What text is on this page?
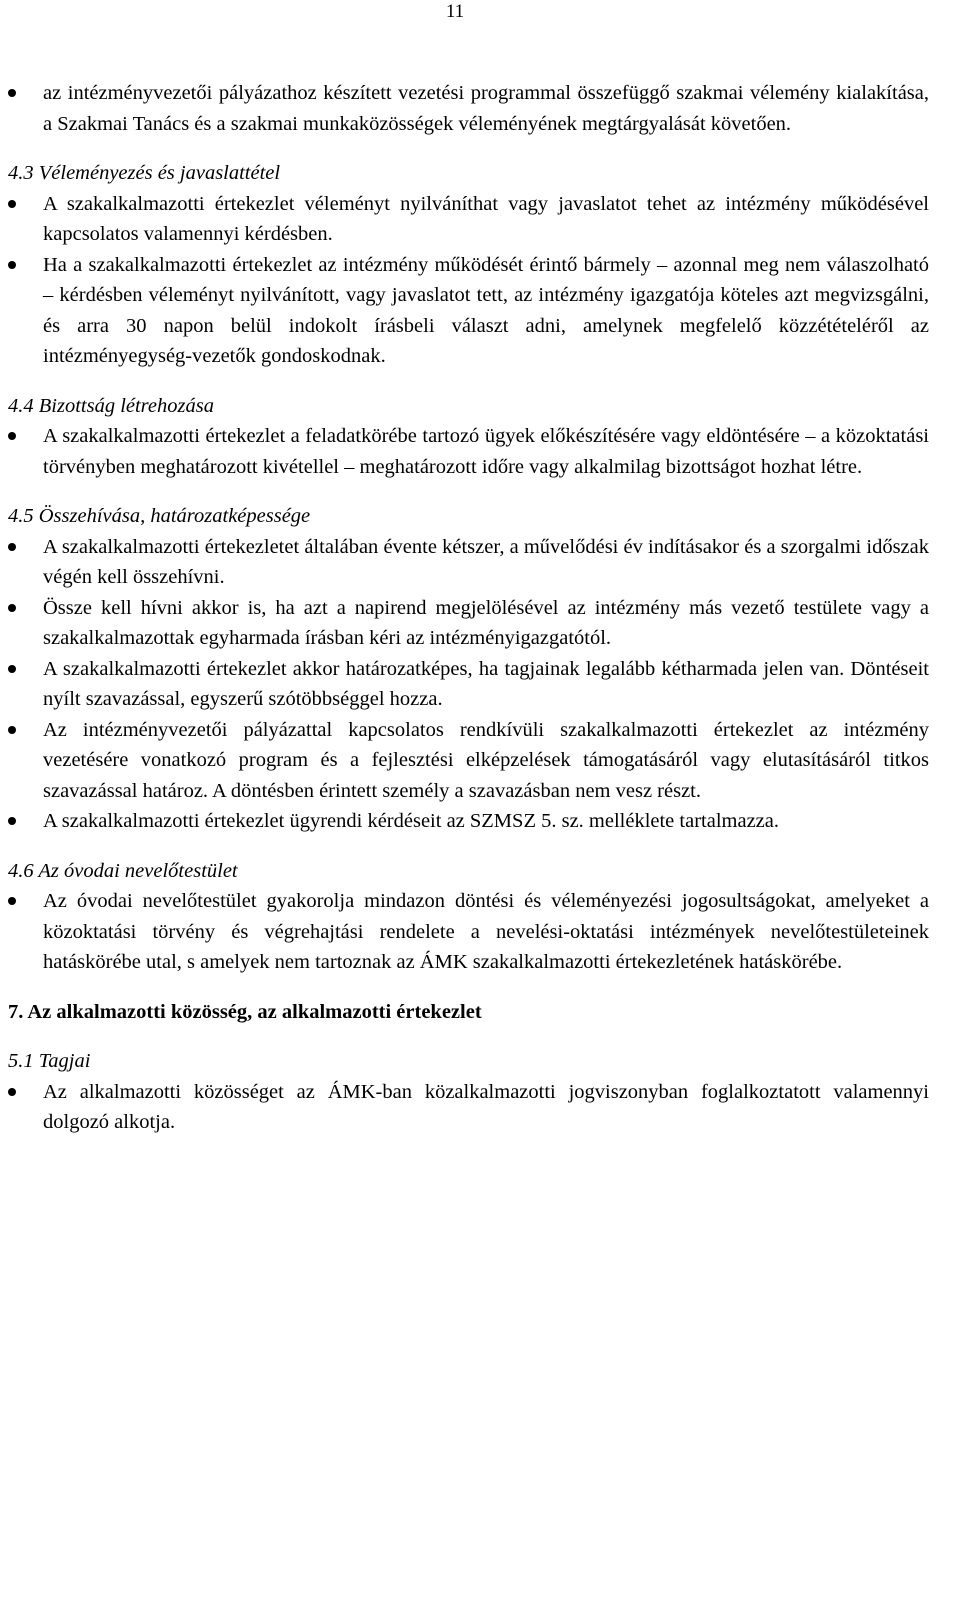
11
az intézményvezetői pályázathoz készített vezetési programmal összefüggő szakmai vélemény kialakítása, a Szakmai Tanács és a szakmai munkaközösségek véleményének megtárgyalását követően.

4.3 Véleményezés és javaslattétel

A szakalkalmazotti értekezlet véleményt nyilváníthat vagy javaslatot tehet az intézmény működésével kapcsolatos valamennyi kérdésben.
Ha a szakalkalmazotti értekezlet az intézmény működését érintő bármely – azonnal meg nem válaszolható – kérdésben véleményt nyilvánított, vagy javaslatot tett, az intézmény igazgatója köteles azt megvizsgálni, és arra 30 napon belül indokolt írásbeli választ adni, amelynek megfelelő közzétételéről az intézményegység-vezetők gondoskodnak.

4.4 Bizottság létrehozása

A szakalkalmazotti értekezlet a feladatkörébe tartozó ügyek előkészítésére vagy eldöntésére – a közoktatási törvényben meghatározott kivétellel – meghatározott időre vagy alkalmilag bizottságot hozhat létre.

4.5 Összehívása, határozatképessége

A szakalkalmazotti értekezletet általában évente kétszer, a művelődési év indításakor és a szorgalmi időszak végén kell összehívni.
Össze kell hívni akkor is, ha azt a napirend megjelölésével az intézmény más vezető testülete vagy a szakalkalmazottak egyharmada írásban kéri az intézményigazgatótól.
A szakalkalmazotti értekezlet akkor határozatképes, ha tagjainak legalább kétharmada jelen van. Döntéseit nyílt szavazással, egyszerű szótöbbséggel hozza.
Az intézményvezetői pályázattal kapcsolatos rendkívüli szakalkalmazotti értekezlet az intézmény vezetésére vonatkozó program és a fejlesztési elképzelések támogatásáról vagy elutasításáról titkos szavazással határoz. A döntésben érintett személy a szavazásban nem vesz részt.
A szakalkalmazotti értekezlet ügyrendi kérdéseit az SZMSZ 5. sz. melléklete tartalmazza.

4.6 Az óvodai nevelőtestület

Az óvodai nevelőtestület gyakorolja mindazon döntési és véleményezési jogosultságokat, amelyeket a közoktatási törvény és végrehajtási rendelete a nevelési-oktatási intézmények nevelőtestületeinek hatáskörébe utal, s amelyek nem tartoznak az ÁMK szakalkalmazotti értekezletének hatáskörébe.

7. Az alkalmazotti közösség, az alkalmazotti értekezlet

5.1 Tagjai

Az alkalmazotti közösséget az ÁMK-ban közalkalmazotti jogviszonyban foglalkoztatott valamennyi dolgozó alkotja.
